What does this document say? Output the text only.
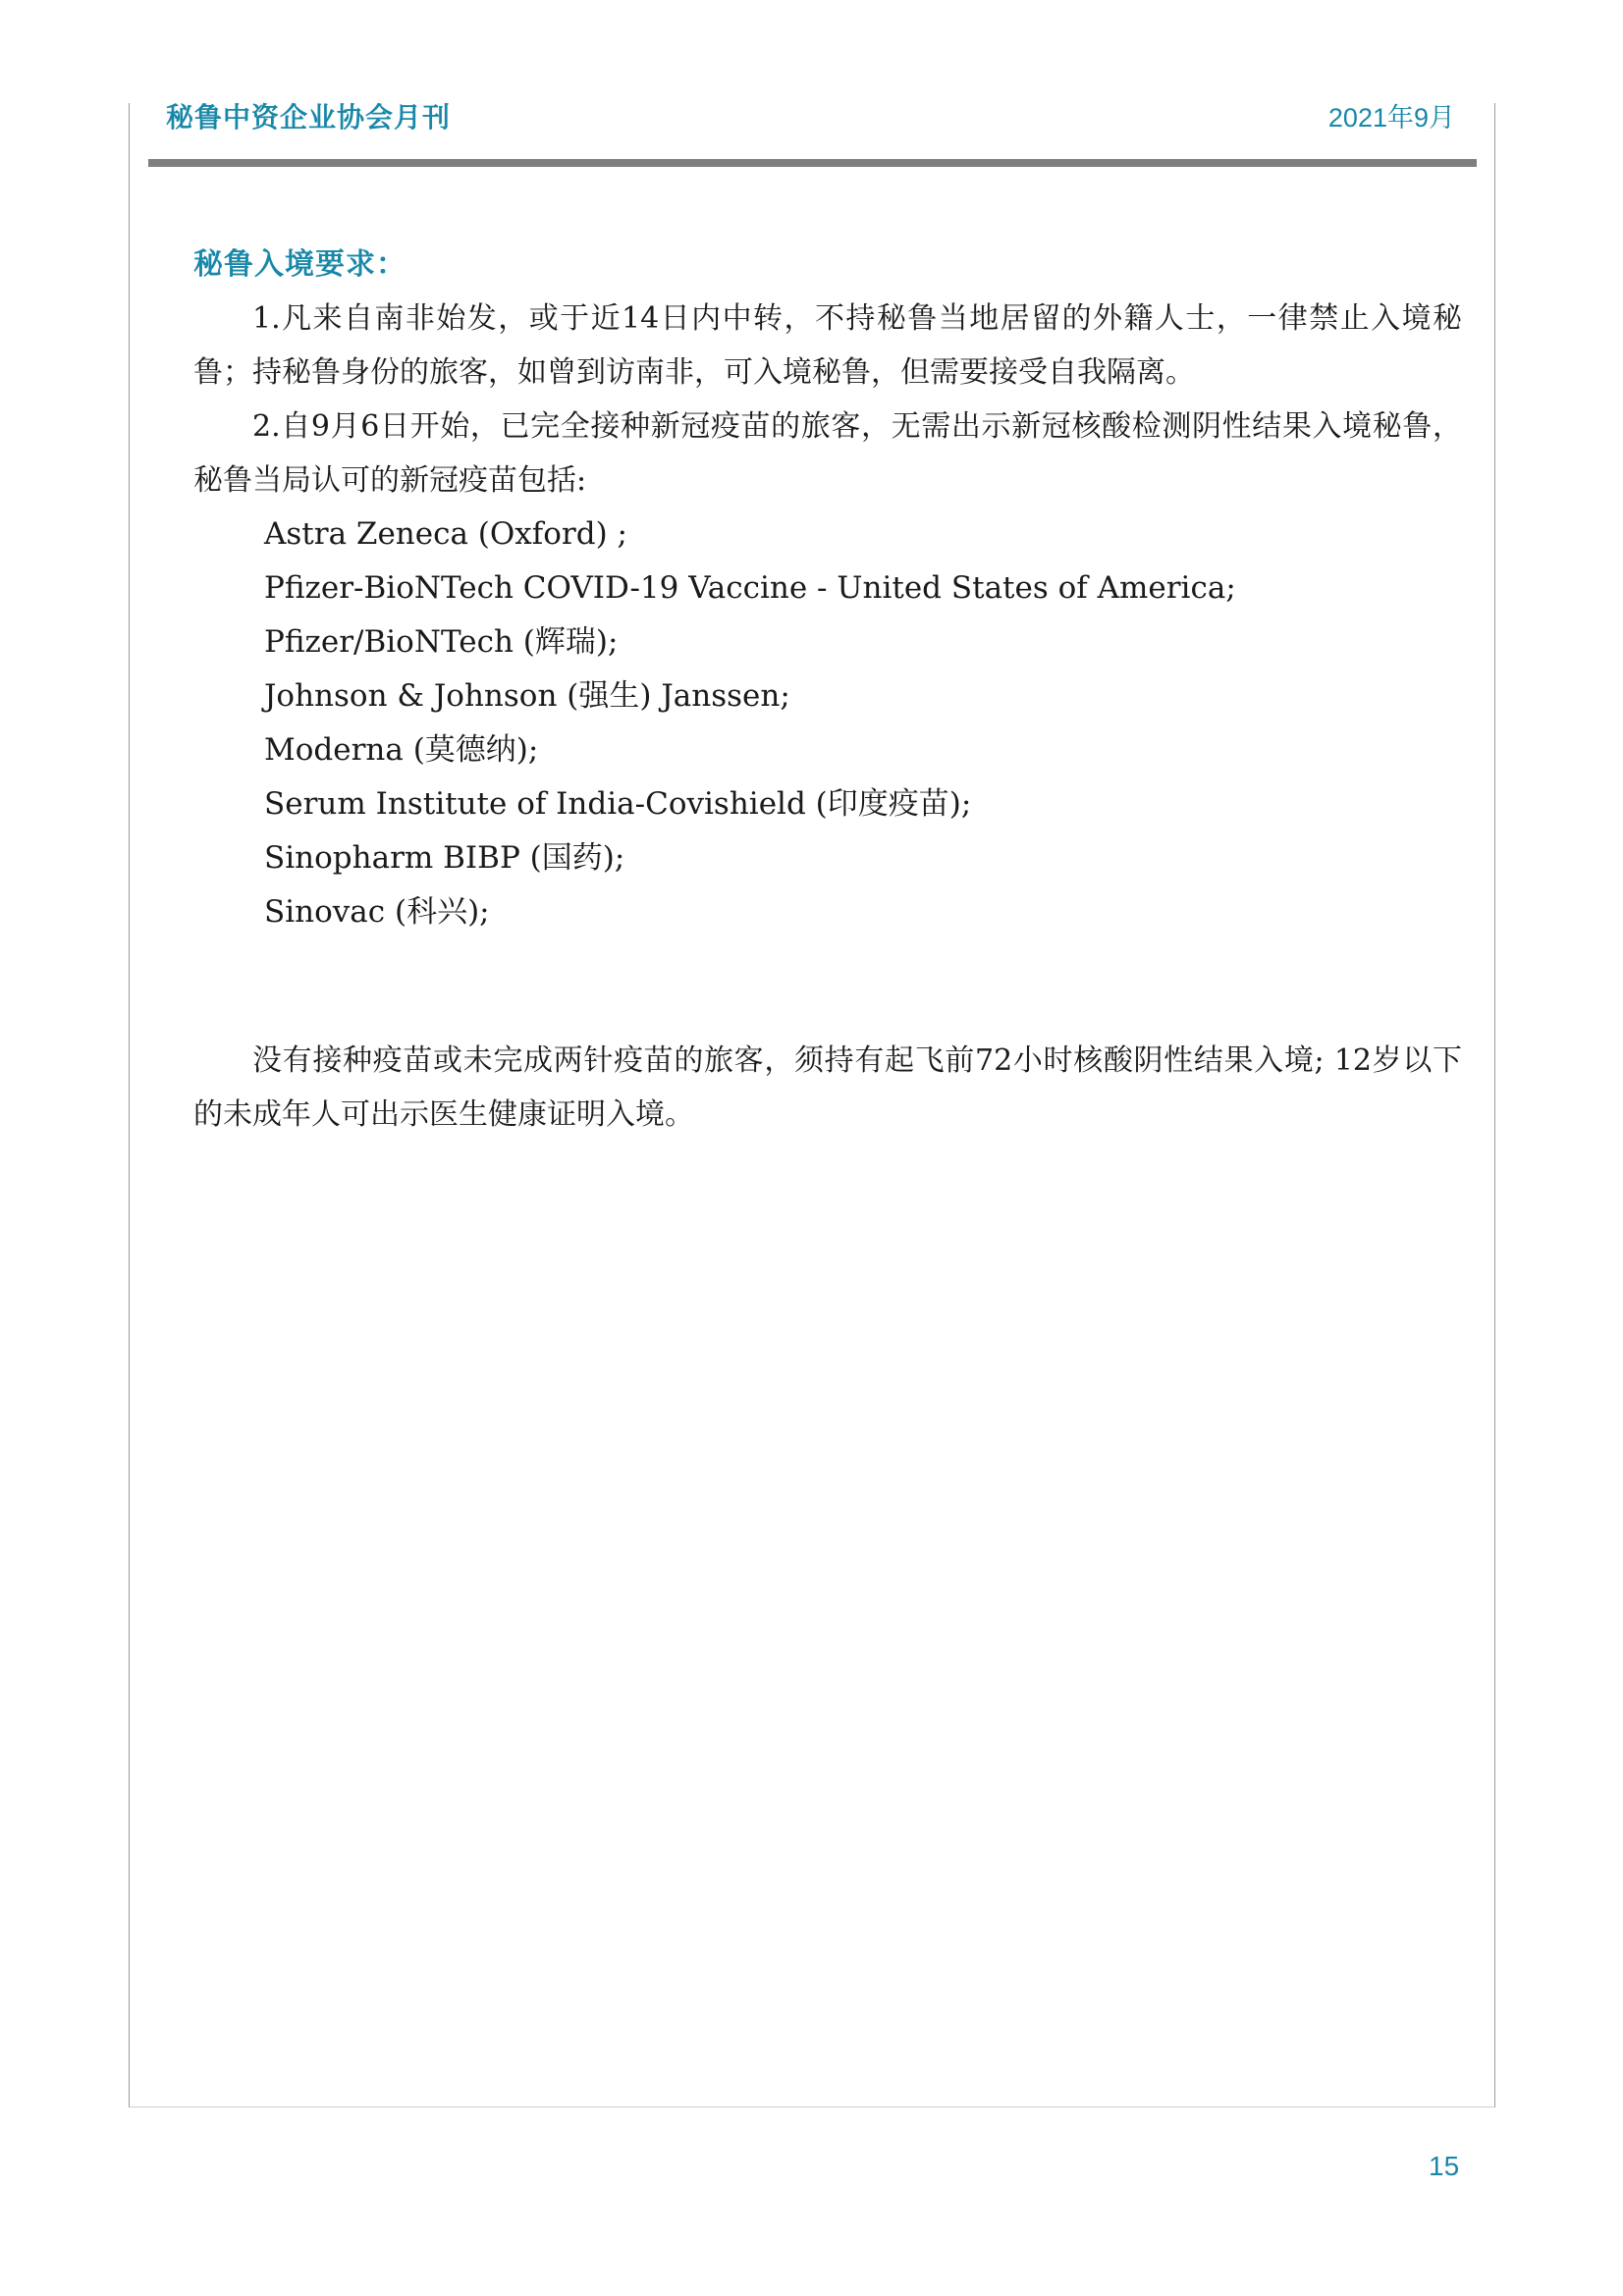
秘鲁中资企业协会月刊	2021年9月
秘鲁入境要求：

1.凡来自南非始发，或于近14日内中转，不持秘鲁当地居留的外籍人士，一律禁止入境秘鲁；持秘鲁身份的旅客，如曾到访南非，可入境秘鲁，但需要接受自我隔离。

2.自9月6日开始，已完全接种新冠疫苗的旅客，无需出示新冠核酸检测阴性结果入境秘鲁，秘鲁当局认可的新冠疫苗包括:

Astra Zeneca (Oxford) ;
Pfizer-BioNTech COVID-19 Vaccine - United States of America;
Pfizer/BioNTech (辉瑞);
Johnson & Johnson (强生) Janssen;
Moderna (莫德纳);
Serum Institute of India-Covishield (印度疫苗);
Sinopharm BIBP (国药);
Sinovac (科兴);

没有接种疫苗或未完成两针疫苗的旅客，须持有起飞前72小时核酸阴性结果入境; 12岁以下的未成年人可出示医生健康证明入境。

15
